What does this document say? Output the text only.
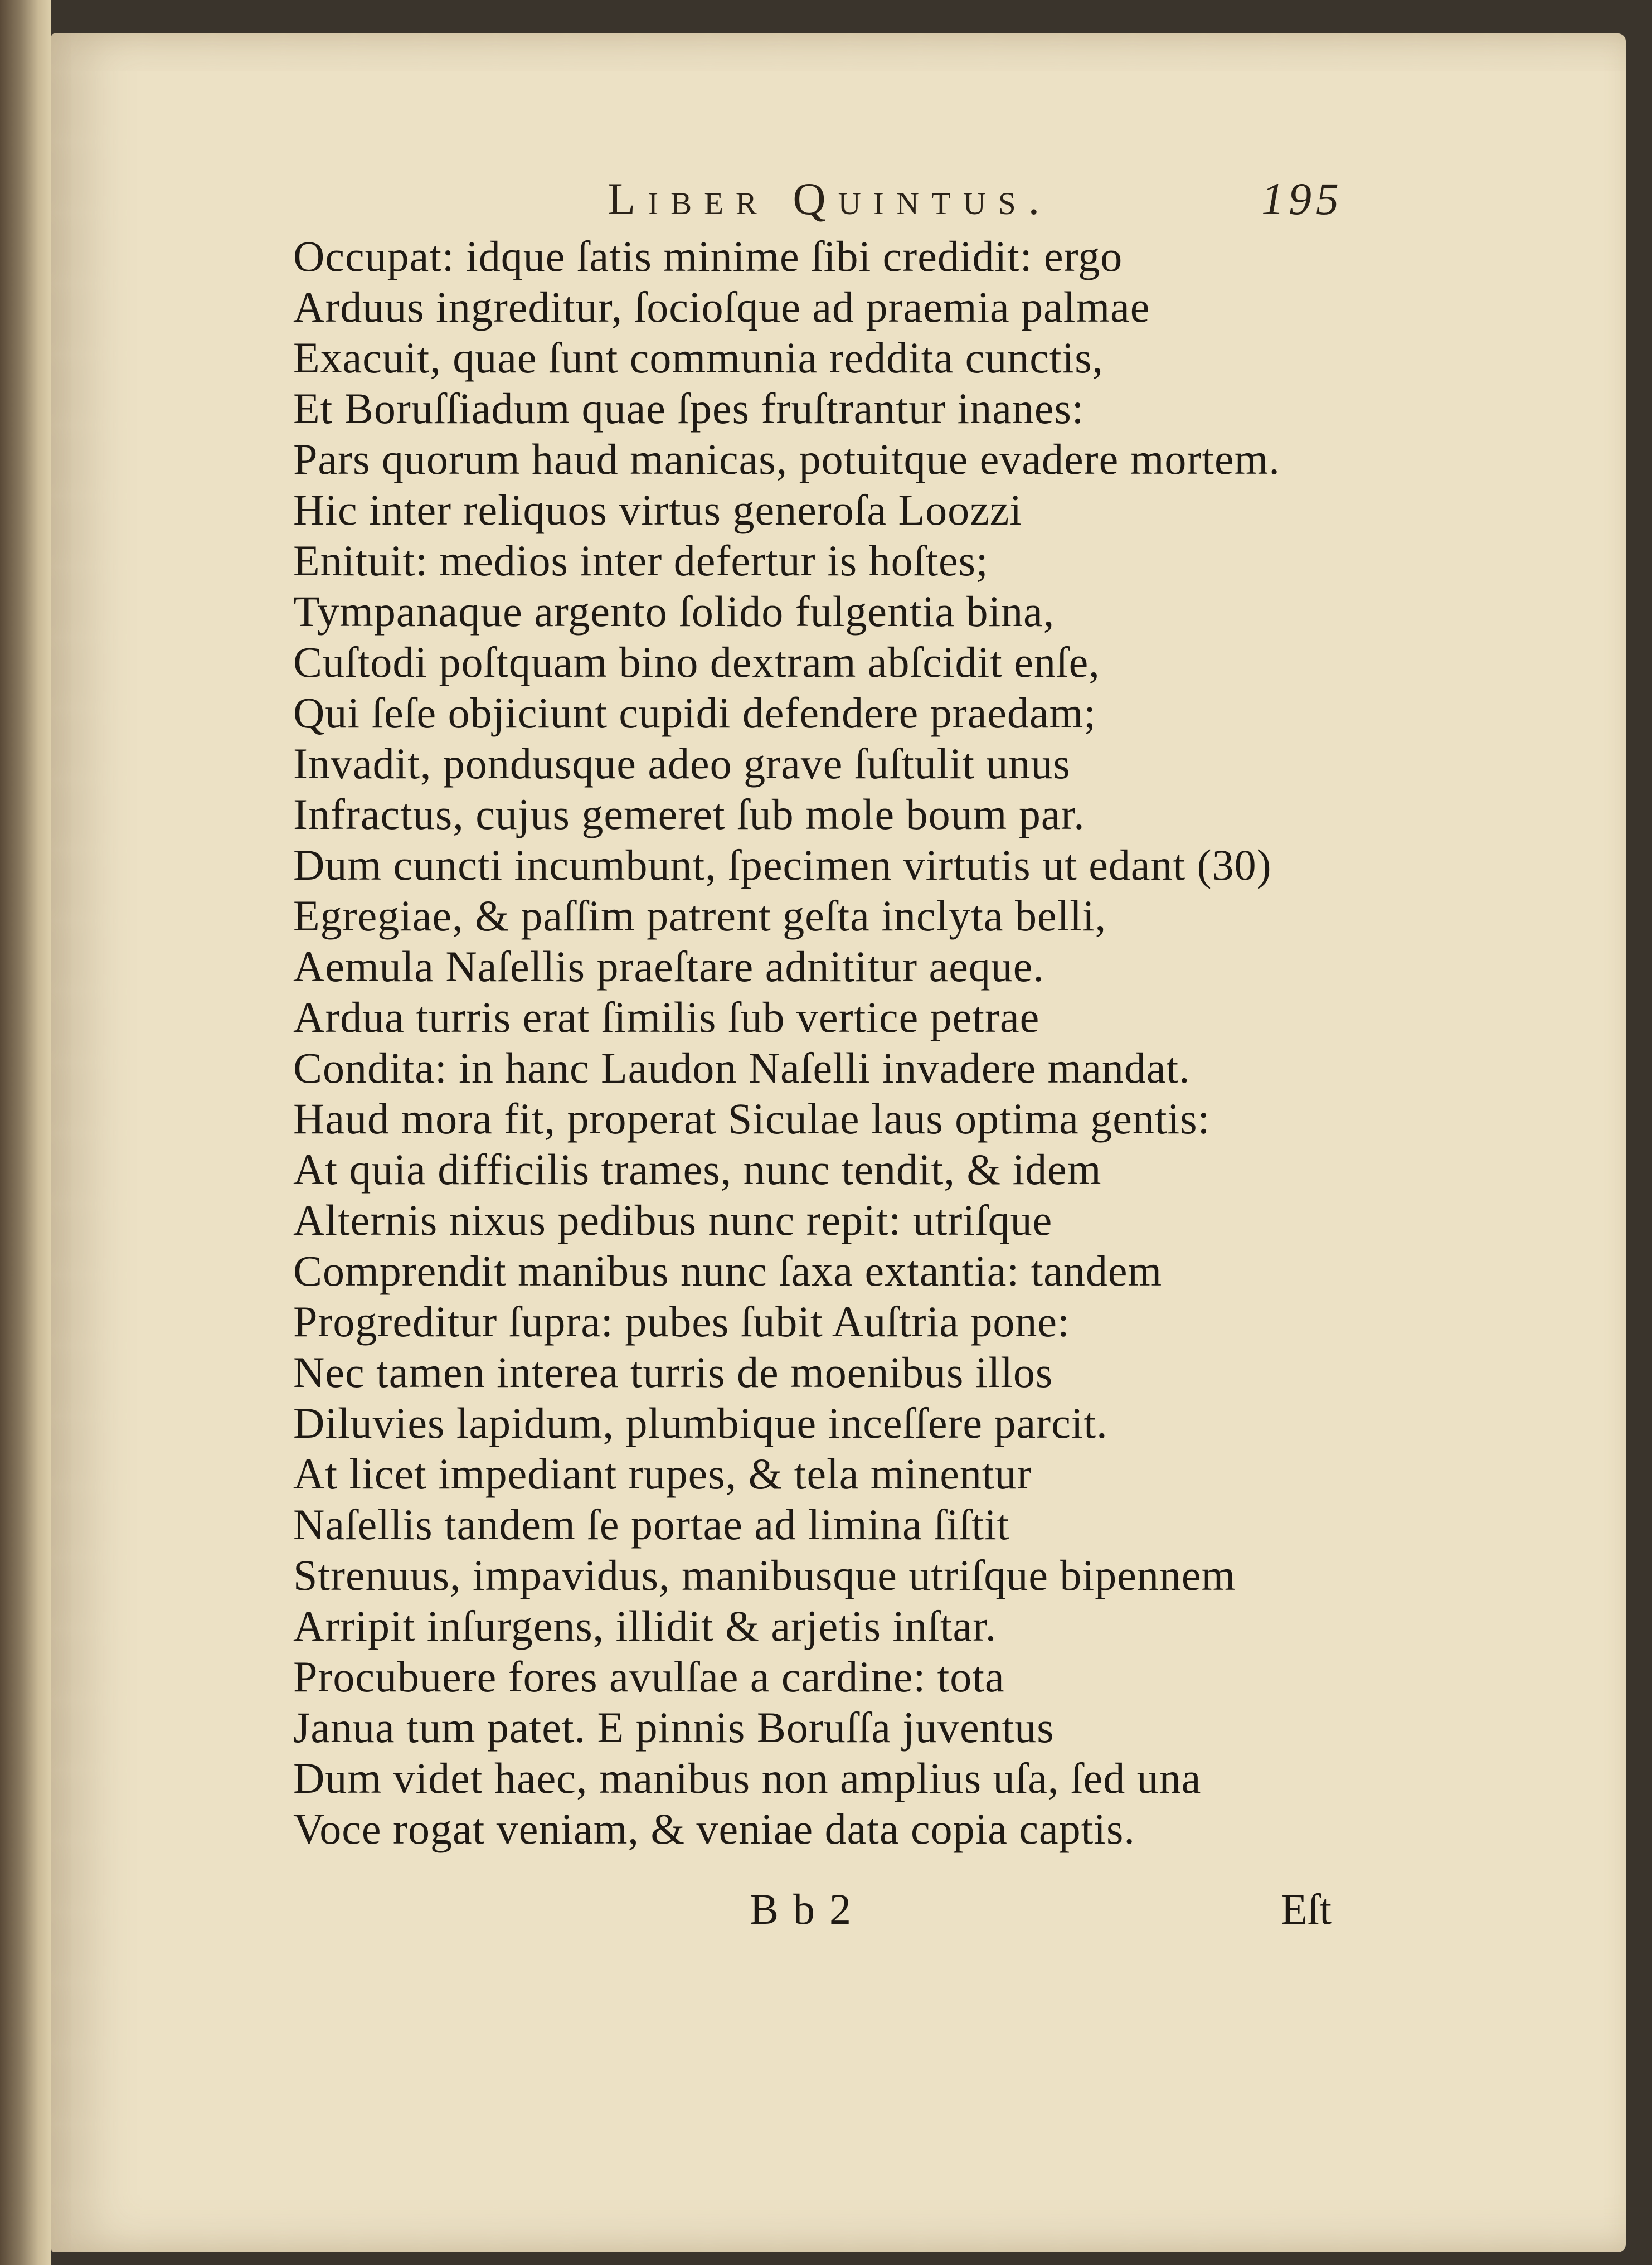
Liber Quintus.	195
Occupat: idque ſatis minime ſibi credidit: ergo
Arduus ingreditur, ſocioſque ad praemia palmae
Exacuit, quae ſunt communia reddita cunctis,
Et Boruſſiadum quae ſpes fruſtrantur inanes:
Pars quorum haud manicas, potuitque evadere mortem.
Hic inter reliquos virtus generoſa Loozzi
Enituit: medios inter defertur is hoſtes;
Tympanaque argento ſolido fulgentia bina,
Cuſtodi poſtquam bino dextram abſcidit enſe,
Qui ſeſe objiciunt cupidi defendere praedam;
Invadit, pondusque adeo grave ſuſtulit unus
Infractus, cujus gemeret ſub mole boum par.
Dum cuncti incumbunt, ſpecimen virtutis ut edant (30)
Egregiae, & paſſim patrent geſta inclyta belli,
Aemula Naſellis praeſtare adnititur aeque.
Ardua turris erat ſimilis ſub vertice petrae
Condita: in hanc Laudon Naſelli invadere mandat.
Haud mora fit, properat Siculae laus optima gentis:
At quia difficilis trames, nunc tendit, & idem
Alternis nixus pedibus nunc repit: utriſque
Comprendit manibus nunc ſaxa extantia: tandem
Progreditur ſupra: pubes ſubit Auſtria pone:
Nec tamen interea turris de moenibus illos
Diluvies lapidum, plumbique inceſſere parcit.
At licet impediant rupes, & tela minentur
Naſellis tandem ſe portae ad limina ſiſtit
Strenuus, impavidus, manibusque utriſque bipennem
Arripit inſurgens, illidit & arjetis inſtar.
Procubuere fores avulſae a cardine: tota
Janua tum patet. E pinnis Boruſſa juventus
Dum videt haec, manibus non amplius uſa, ſed una
Voce rogat veniam, & veniae data copia captis.
Bb2	Eſt
